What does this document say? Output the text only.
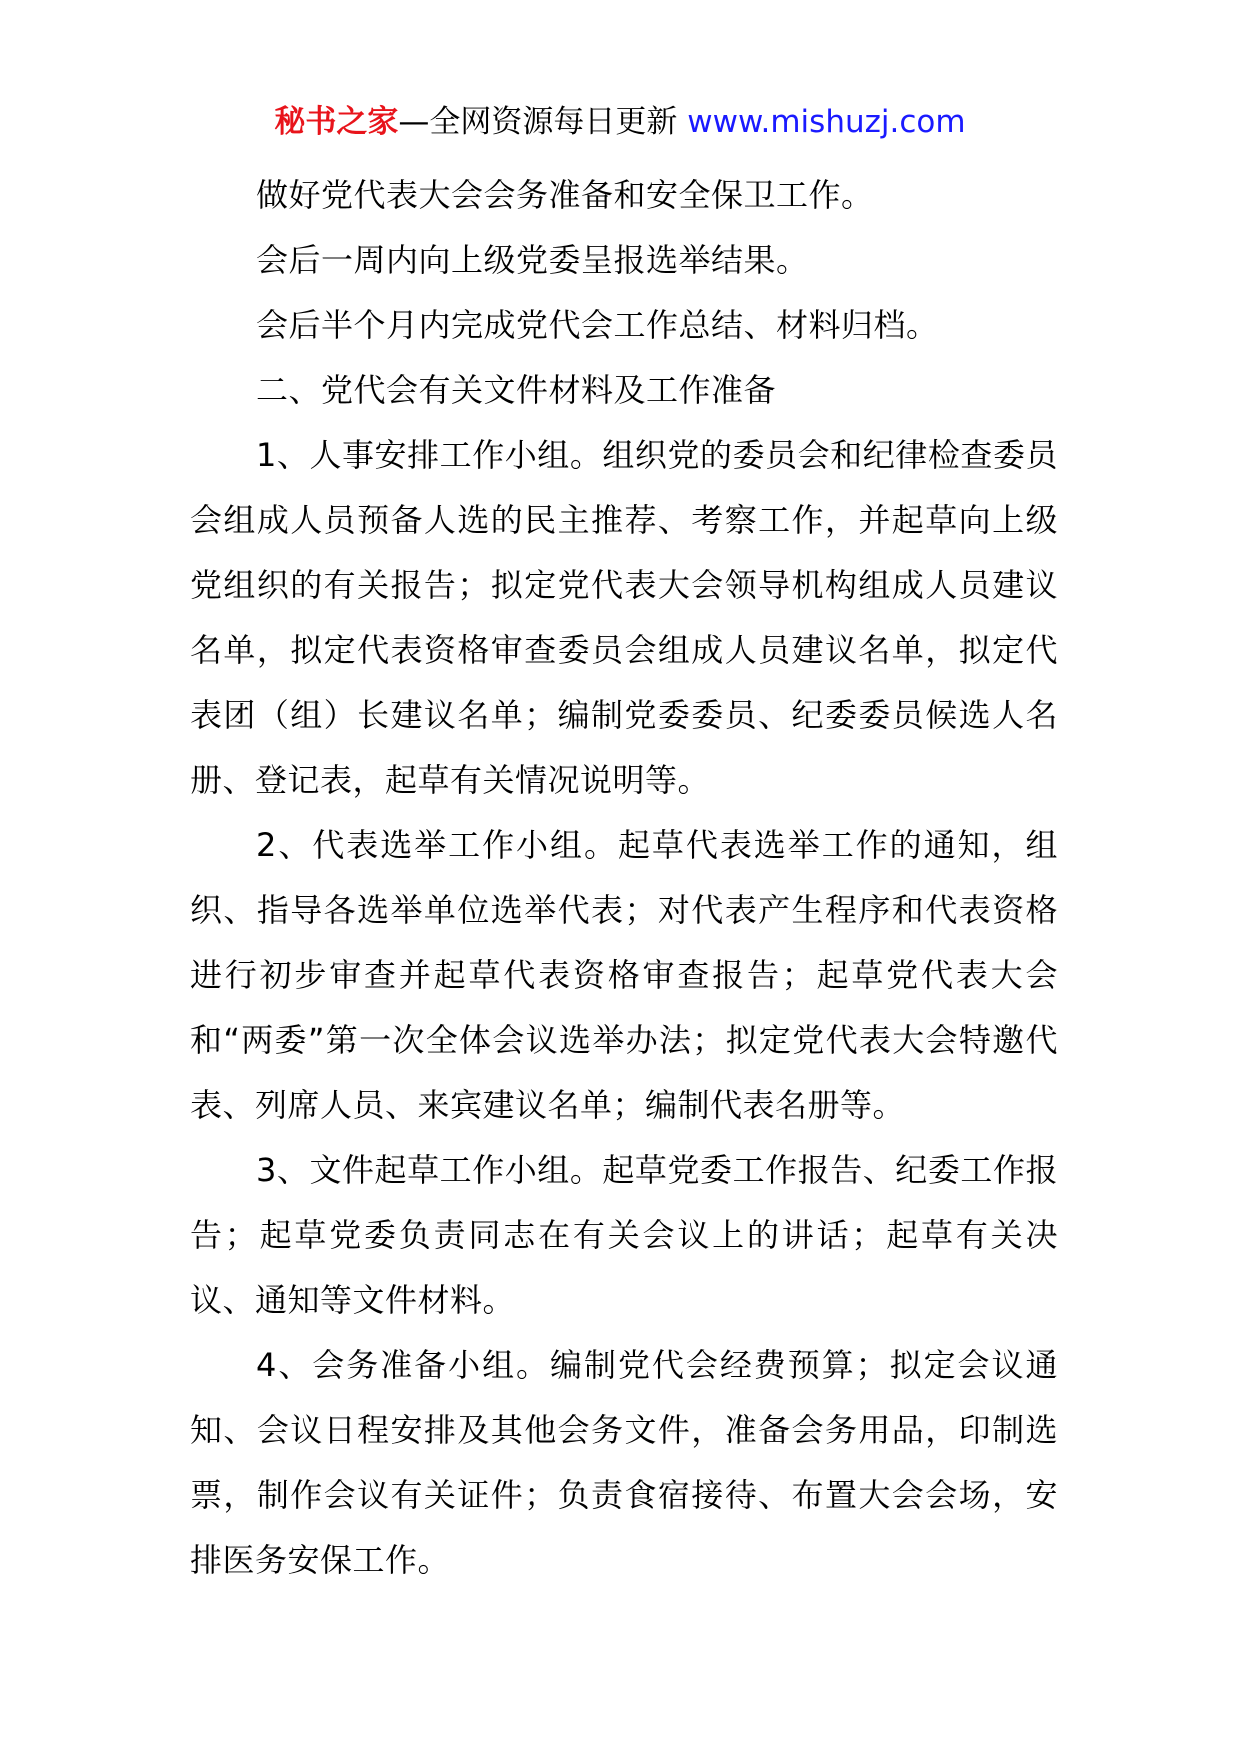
秘书之家—全网资源每日更新 www.mishuzj.com

做好党代表大会会务准备和安全保卫工作。

会后一周内向上级党委呈报选举结果。

会后半个月内完成党代会工作总结、材料归档。

二、党代会有关文件材料及工作准备

1、人事安排工作小组。组织党的委员会和纪律检查委员会组成人员预备人选的民主推荐、考察工作，并起草向上级党组织的有关报告；拟定党代表大会领导机构组成人员建议名单，拟定代表资格审查委员会组成人员建议名单，拟定代表团（组）长建议名单；编制党委委员、纪委委员候选人名册、登记表，起草有关情况说明等。

2、代表选举工作小组。起草代表选举工作的通知，组织、指导各选举单位选举代表；对代表产生程序和代表资格进行初步审查并起草代表资格审查报告；起草党代表大会和“两委”第一次全体会议选举办法；拟定党代表大会特邀代表、列席人员、来宾建议名单；编制代表名册等。

3、文件起草工作小组。起草党委工作报告、纪委工作报告；起草党委负责同志在有关会议上的讲话；起草有关决议、通知等文件材料。

4、会务准备小组。编制党代会经费预算；拟定会议通知、会议日程安排及其他会务文件，准备会务用品，印制选票，制作会议有关证件；负责食宿接待、布置大会会场，安排医务安保工作。
